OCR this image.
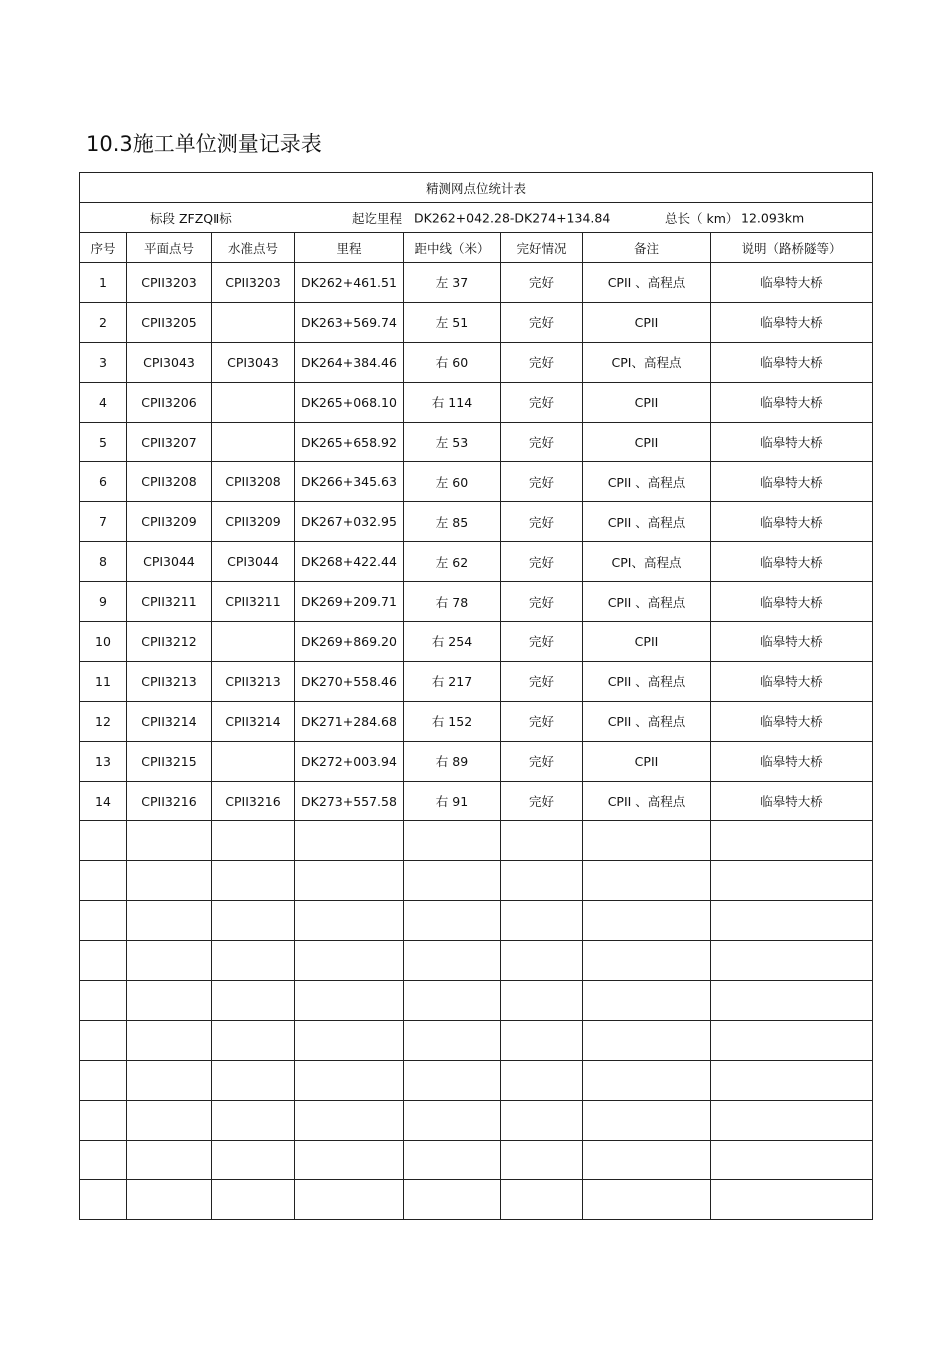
10.3施工单位测量记录表
精测网点位统计表							

标段 ZFZQⅡ标 起讫里程 DK262+042.28-DK274+134.84 总长（ km） 12.093km							

序号	平面点号	水准点号	里程	距中线（米）	完好情况	备注	说明（路桥隧等）
1	CPII3203	CPII3203	DK262+461.51	左 37	完好	CPII 、高程点	临皋特大桥
2	CPII3205		DK263+569.74	左 51	完好	CPII	临皋特大桥
3	CPI3043	CPI3043	DK264+384.46	右 60	完好	CPI、高程点	临皋特大桥
4	CPII3206		DK265+068.10	右 114	完好	CPII	临皋特大桥
5	CPII3207		DK265+658.92	左 53	完好	CPII	临皋特大桥
6	CPII3208	CPII3208	DK266+345.63	左 60	完好	CPII 、高程点	临皋特大桥
7	CPII3209	CPII3209	DK267+032.95	左 85	完好	CPII 、高程点	临皋特大桥
8	CPI3044	CPI3044	DK268+422.44	左 62	完好	CPI、高程点	临皋特大桥
9	CPII3211	CPII3211	DK269+209.71	右 78	完好	CPII 、高程点	临皋特大桥
10	CPII3212		DK269+869.20	右 254	完好	CPII	临皋特大桥
11	CPII3213	CPII3213	DK270+558.46	右 217	完好	CPII 、高程点	临皋特大桥
12	CPII3214	CPII3214	DK271+284.68	右 152	完好	CPII 、高程点	临皋特大桥
13	CPII3215		DK272+003.94	右 89	完好	CPII	临皋特大桥
14	CPII3216	CPII3216	DK273+557.58	右 91	完好	CPII 、高程点	临皋特大桥
